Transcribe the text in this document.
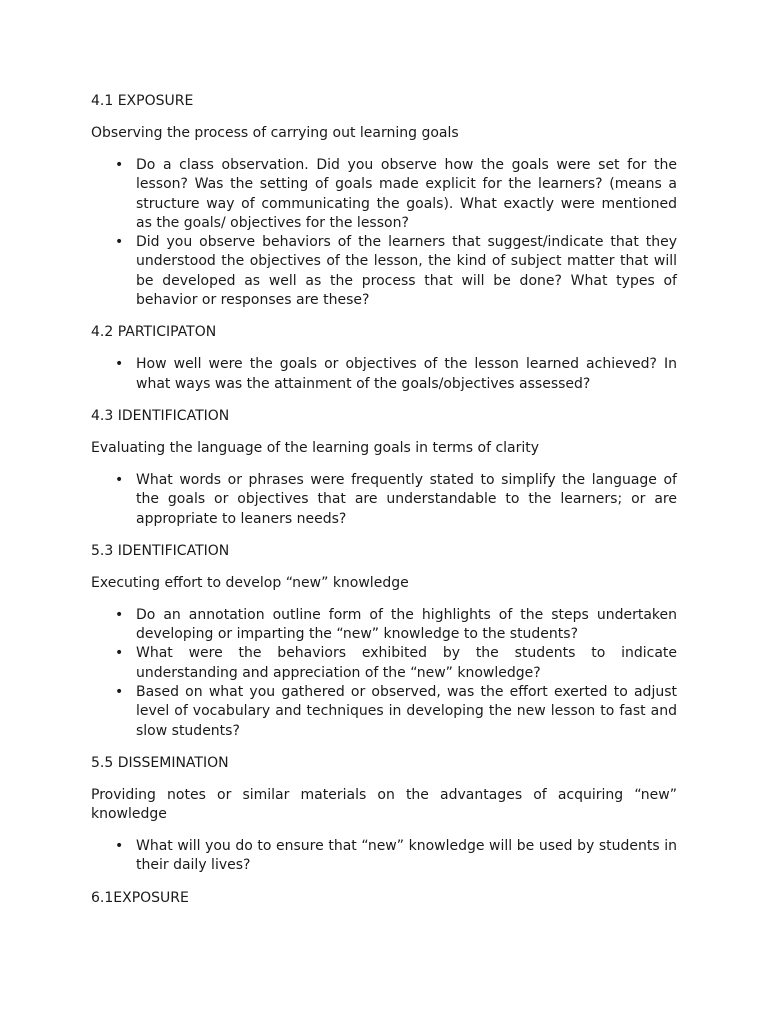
4.1 EXPOSURE
Observing the process of carrying out learning goals
• Do a class observation. Did you observe how the goals were set for the lesson? Was the setting of goals made explicit for the learners? (means a structure way of communicating the goals). What exactly were mentioned as the goals/ objectives for the lesson?
• Did you observe behaviors of the learners that suggest/indicate that they understood the objectives of the lesson, the kind of subject matter that will be developed as well as the process that will be done? What types of behavior or responses are these?
4.2 PARTICIPATON
• How well were the goals or objectives of the lesson learned achieved? In what ways was the attainment of the goals/objectives assessed?
4.3 IDENTIFICATION
Evaluating the language of the learning goals in terms of clarity
• What words or phrases were frequently stated to simplify the language of the goals or objectives that are understandable to the learners; or are appropriate to leaners needs?
5.3 IDENTIFICATION
Executing effort to develop “new” knowledge
• Do an annotation outline form of the highlights of the steps undertaken developing or imparting the “new” knowledge to the students?
• What were the behaviors exhibited by the students to indicate understanding and appreciation of the “new” knowledge?
• Based on what you gathered or observed, was the effort exerted to adjust level of vocabulary and techniques in developing the new lesson to fast and slow students?
5.5 DISSEMINATION
Providing notes or similar materials on the advantages of acquiring “new” knowledge
• What will you do to ensure that “new” knowledge will be used by students in their daily lives?
6.1EXPOSURE
